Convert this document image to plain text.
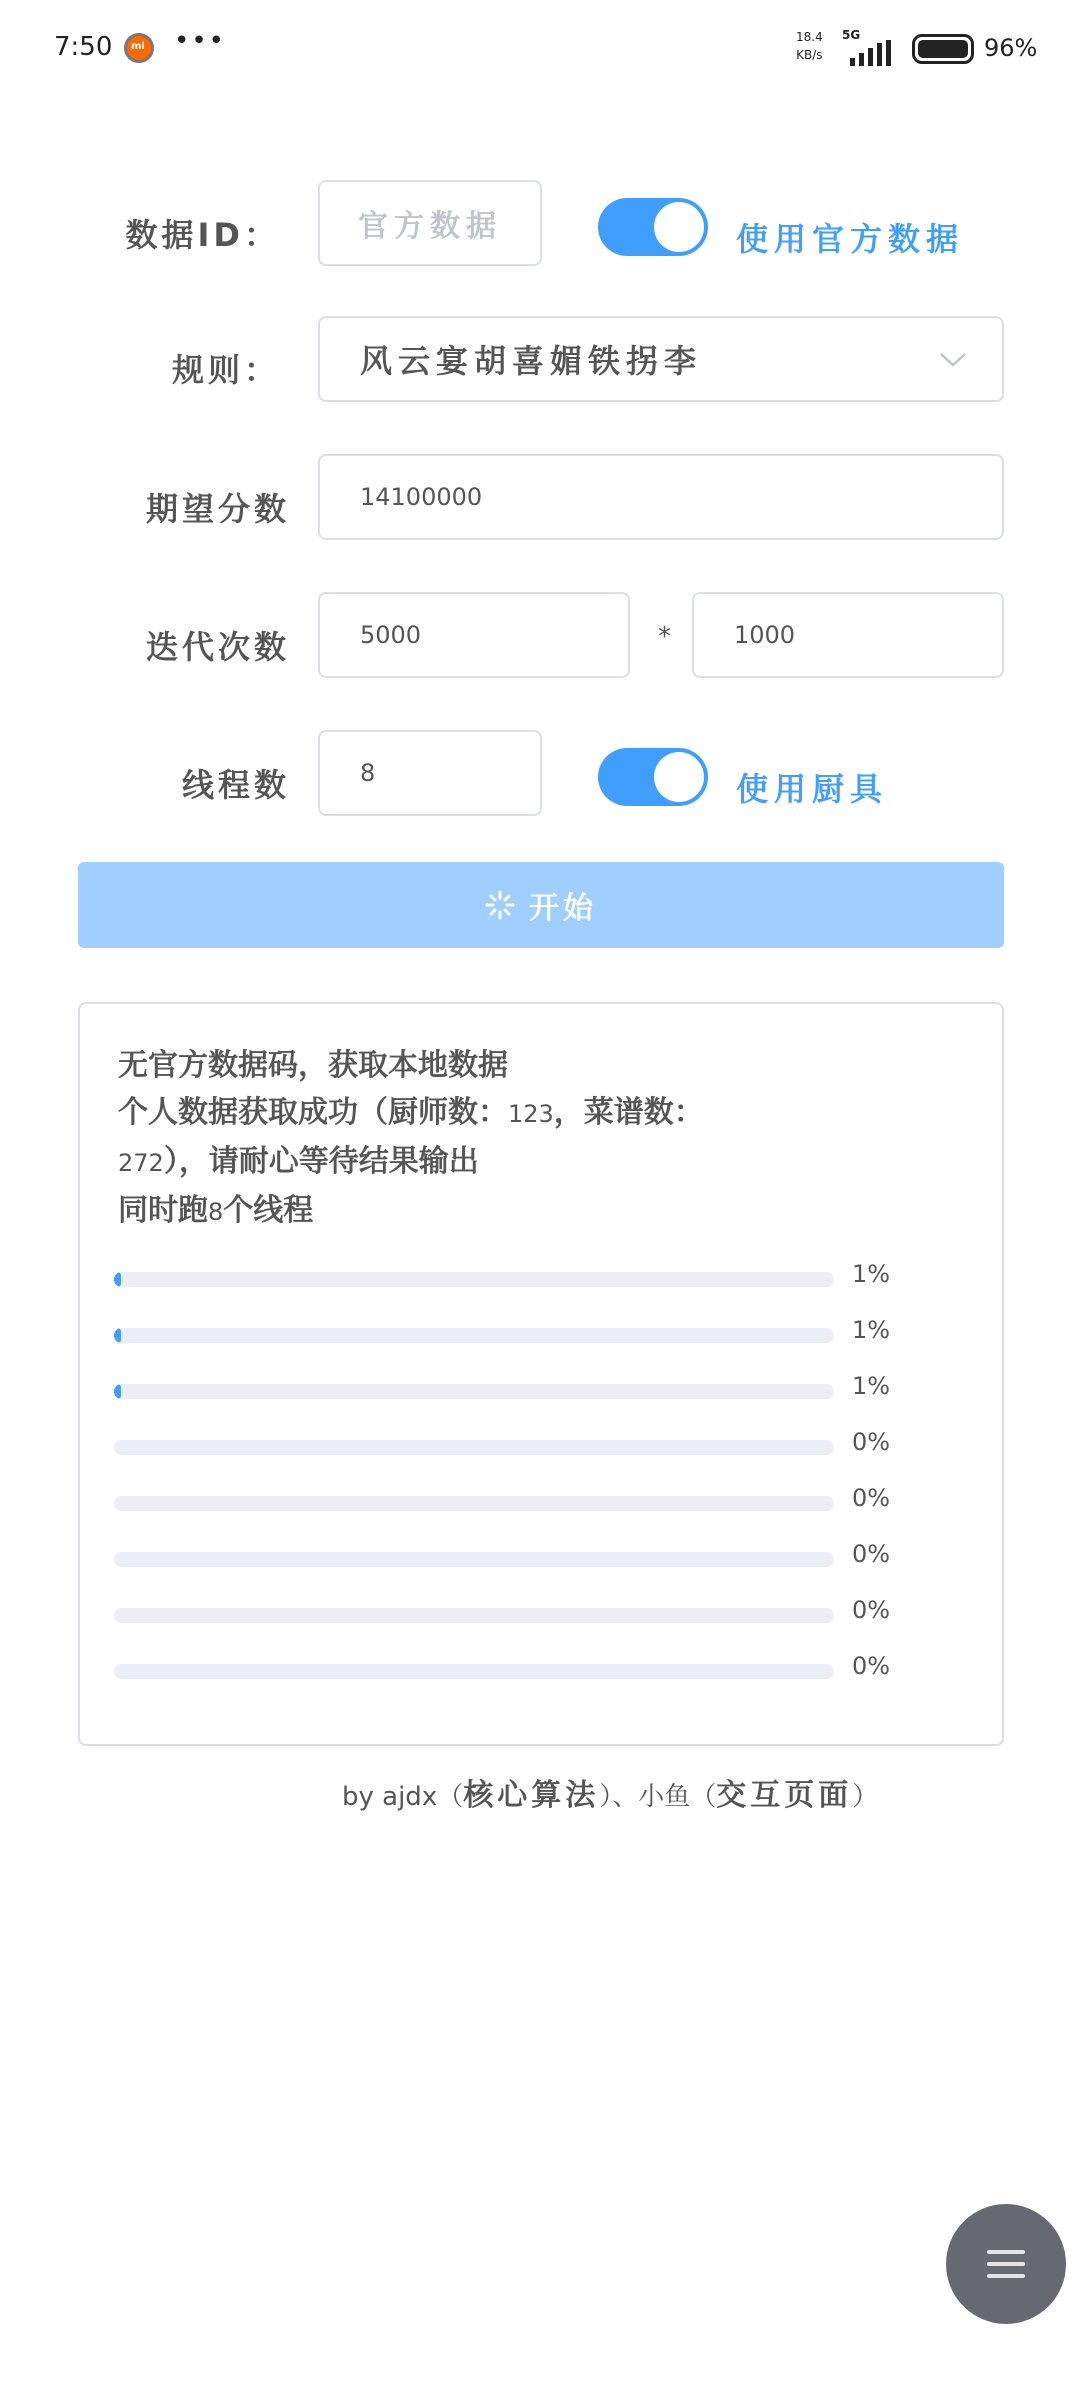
7:50 mi •••	18.4
KB/s
5G	96%
数据ID：	官方数据	使用官方数据
规则：	风云宴胡喜媚铁拐李
期望分数	14100000
迭代次数	5000	*	1000
线程数	8	使用厨具
开始
无官方数据码，获取本地数据
个人数据获取成功（厨师数：123，菜谱数：
272），请耐心等待结果输出
同时跑8个线程
1%
1%
1%
0%
0%
0%
0%
0%
by ajdx（核心算法）、小鱼（交互页面）
